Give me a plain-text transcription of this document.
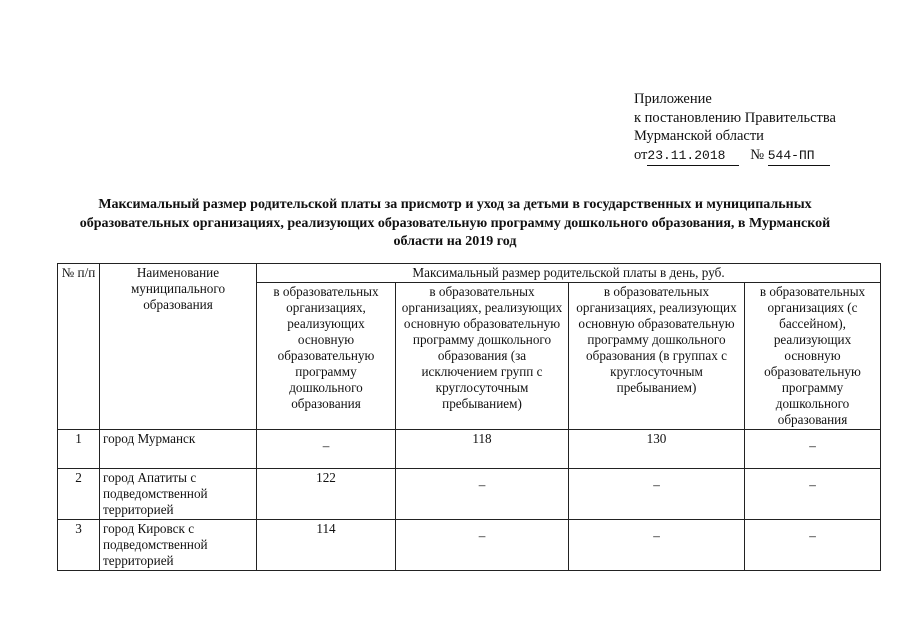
Приложение
к постановлению Правительства
Мурманской области
от23.11.2018 № 544-ПП
Максимальный размер родительской платы за присмотр и уход за детьми в государственных и муниципальных образовательных организациях, реализующих образовательную программу дошкольного образования, в Мурманской области на 2019 год
№ п/п	Наименование муниципального образования	Максимальный размер родительской платы в день, руб.			
		в образовательных организациях, реализующих основную образовательную программу дошкольного образования	в образовательных организациях, реализующих основную образовательную программу дошкольного образования (за исключением групп с круглосуточным пребыванием)	в образовательных организациях, реализующих основную образовательную программу дошкольного образования (в группах с круглосуточным пребыванием)	в образовательных организациях (с бассейном), реализующих основную образовательную программу дошкольного образования
1	город Мурманск	–	118	130	–
2	город Апатиты с подведомственной территорией	122	–	–	–
3	город Кировск с подведомственной территорией	114	–	–	–
